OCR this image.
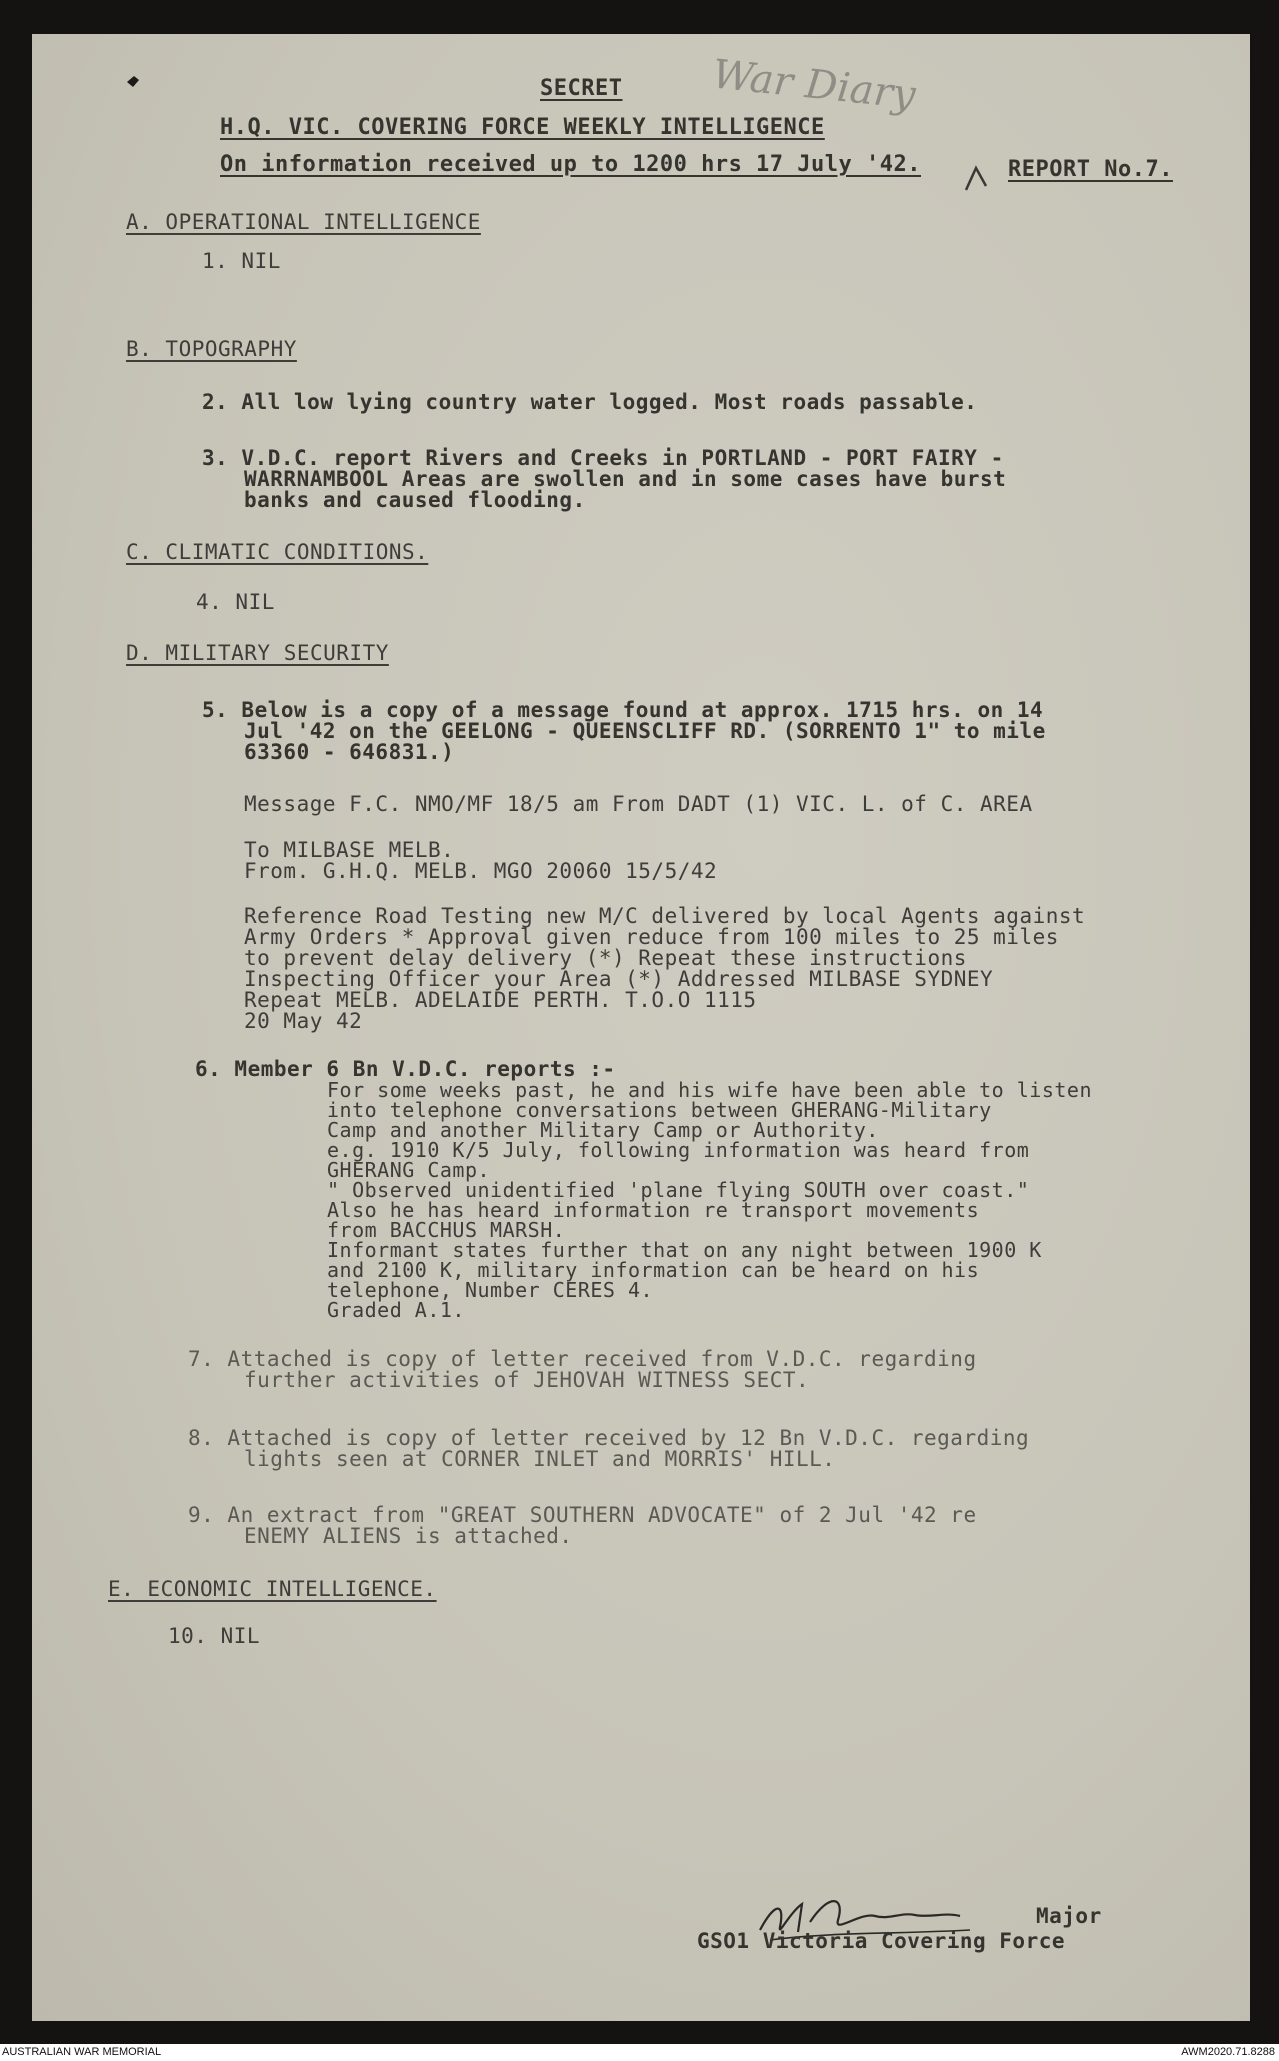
War Diary
SECRET
H.Q. VIC. COVERING FORCE WEEKLY INTELLIGENCE
On information received up to 1200 hrs 17 July '42.	REPORT No.7.
A. OPERATIONAL INTELLIGENCE
1. NIL
B. TOPOGRAPHY
2. All low lying country water logged. Most roads passable.
3. V.D.C. report Rivers and Creeks in PORTLAND - PORT FAIRY -
WARRNAMBOOL Areas are swollen and in some cases have burst
banks and caused flooding.
C. CLIMATIC CONDITIONS.
4. NIL
D. MILITARY SECURITY
5. Below is a copy of a message found at approx. 1715 hrs. on 14
Jul '42 on the GEELONG - QUEENSCLIFF RD. (SORRENTO 1" to mile
63360 - 646831.)
Message F.C. NMO/MF 18/5 am From DADT (1) VIC. L. of C. AREA
To MILBASE MELB.
From. G.H.Q. MELB. MGO 20060 15/5/42
Reference Road Testing new M/C delivered by local Agents against
Army Orders * Approval given reduce from 100 miles to 25 miles
to prevent delay delivery (*) Repeat these instructions
Inspecting Officer your Area (*) Addressed MILBASE SYDNEY
Repeat MELB. ADELAIDE PERTH. T.O.O 1115
20 May 42
6. Member 6 Bn V.D.C. reports :-
For some weeks past, he and his wife have been able to listen
into telephone conversations between GHERANG-Military
Camp and another Military Camp or Authority.
e.g. 1910 K/5 July, following information was heard from
GHERANG Camp.
" Observed unidentified 'plane flying SOUTH over coast."
Also he has heard information re transport movements
from BACCHUS MARSH.
Informant states further that on any night between 1900 K
and 2100 K, military information can be heard on his
telephone, Number CERES 4.
Graded A.1.
7. Attached is copy of letter received from V.D.C. regarding
further activities of JEHOVAH WITNESS SECT.
8. Attached is copy of letter received by 12 Bn V.D.C. regarding
lights seen at CORNER INLET and MORRIS' HILL.
9. An extract from "GREAT SOUTHERN ADVOCATE" of 2 Jul '42 re
ENEMY ALIENS is attached.
E. ECONOMIC INTELLIGENCE.
10. NIL
Major
GSO1 Victoria Covering Force
AUSTRALIAN WAR MEMORIAL	AWM2020.71.8288
